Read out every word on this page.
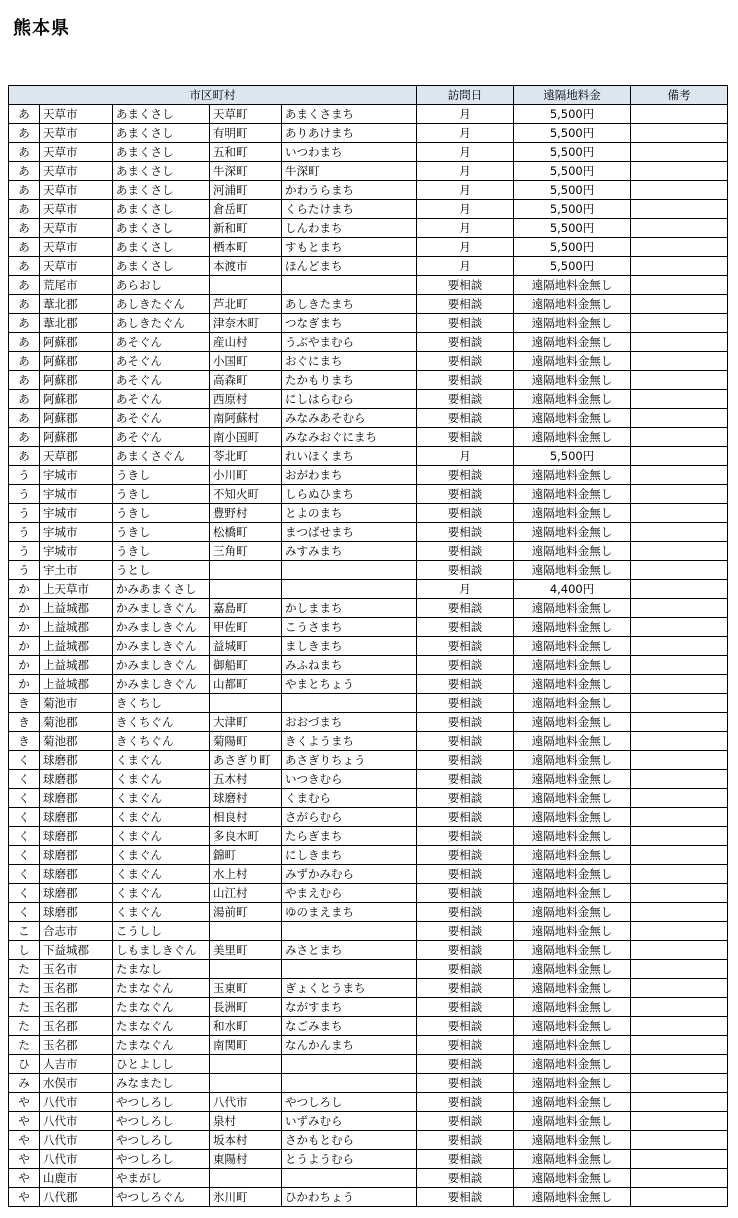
熊本県
市区町村					訪問日	遠隔地料金	備考
あ	天草市	あまくさし	天草町	あまくさまち	月	5,500円	
あ	天草市	あまくさし	有明町	ありあけまち	月	5,500円	
あ	天草市	あまくさし	五和町	いつわまち	月	5,500円	
あ	天草市	あまくさし	牛深町	牛深町	月	5,500円	
あ	天草市	あまくさし	河浦町	かわうらまち	月	5,500円	
あ	天草市	あまくさし	倉岳町	くらたけまち	月	5,500円	
あ	天草市	あまくさし	新和町	しんわまち	月	5,500円	
あ	天草市	あまくさし	栖本町	すもとまち	月	5,500円	
あ	天草市	あまくさし	本渡市	ほんどまち	月	5,500円	
あ	荒尾市	あらおし			要相談	遠隔地料金無し	
あ	葦北郡	あしきたぐん	芦北町	あしきたまち	要相談	遠隔地料金無し	
あ	葦北郡	あしきたぐん	津奈木町	つなぎまち	要相談	遠隔地料金無し	
あ	阿蘇郡	あそぐん	産山村	うぶやまむら	要相談	遠隔地料金無し	
あ	阿蘇郡	あそぐん	小国町	おぐにまち	要相談	遠隔地料金無し	
あ	阿蘇郡	あそぐん	高森町	たかもりまち	要相談	遠隔地料金無し	
あ	阿蘇郡	あそぐん	西原村	にしはらむら	要相談	遠隔地料金無し	
あ	阿蘇郡	あそぐん	南阿蘇村	みなみあそむら	要相談	遠隔地料金無し	
あ	阿蘇郡	あそぐん	南小国町	みなみおぐにまち	要相談	遠隔地料金無し	
あ	天草郡	あまくさぐん	苓北町	れいほくまち	月	5,500円	
う	宇城市	うきし	小川町	おがわまち	要相談	遠隔地料金無し	
う	宇城市	うきし	不知火町	しらぬひまち	要相談	遠隔地料金無し	
う	宇城市	うきし	豊野村	とよのまち	要相談	遠隔地料金無し	
う	宇城市	うきし	松橋町	まつばせまち	要相談	遠隔地料金無し	
う	宇城市	うきし	三角町	みすみまち	要相談	遠隔地料金無し	
う	宇土市	うとし			要相談	遠隔地料金無し	
か	上天草市	かみあまくさし			月	4,400円	
か	上益城郡	かみましきぐん	嘉島町	かしままち	要相談	遠隔地料金無し	
か	上益城郡	かみましきぐん	甲佐町	こうさまち	要相談	遠隔地料金無し	
か	上益城郡	かみましきぐん	益城町	ましきまち	要相談	遠隔地料金無し	
か	上益城郡	かみましきぐん	御船町	みふねまち	要相談	遠隔地料金無し	
か	上益城郡	かみましきぐん	山都町	やまとちょう	要相談	遠隔地料金無し	
き	菊池市	きくちし			要相談	遠隔地料金無し	
き	菊池郡	きくちぐん	大津町	おおづまち	要相談	遠隔地料金無し	
き	菊池郡	きくちぐん	菊陽町	きくようまち	要相談	遠隔地料金無し	
く	球磨郡	くまぐん	あさぎり町	あさぎりちょう	要相談	遠隔地料金無し	
く	球磨郡	くまぐん	五木村	いつきむら	要相談	遠隔地料金無し	
く	球磨郡	くまぐん	球磨村	くまむら	要相談	遠隔地料金無し	
く	球磨郡	くまぐん	相良村	さがらむら	要相談	遠隔地料金無し	
く	球磨郡	くまぐん	多良木町	たらぎまち	要相談	遠隔地料金無し	
く	球磨郡	くまぐん	錦町	にしきまち	要相談	遠隔地料金無し	
く	球磨郡	くまぐん	水上村	みずかみむら	要相談	遠隔地料金無し	
く	球磨郡	くまぐん	山江村	やまえむら	要相談	遠隔地料金無し	
く	球磨郡	くまぐん	湯前町	ゆのまえまち	要相談	遠隔地料金無し	
こ	合志市	こうしし			要相談	遠隔地料金無し	
し	下益城郡	しもましきぐん	美里町	みさとまち	要相談	遠隔地料金無し	
た	玉名市	たまなし			要相談	遠隔地料金無し	
た	玉名郡	たまなぐん	玉東町	ぎょくとうまち	要相談	遠隔地料金無し	
た	玉名郡	たまなぐん	長洲町	ながすまち	要相談	遠隔地料金無し	
た	玉名郡	たまなぐん	和水町	なごみまち	要相談	遠隔地料金無し	
た	玉名郡	たまなぐん	南関町	なんかんまち	要相談	遠隔地料金無し	
ひ	人吉市	ひとよしし			要相談	遠隔地料金無し	
み	水俣市	みなまたし			要相談	遠隔地料金無し	
や	八代市	やつしろし	八代市	やつしろし	要相談	遠隔地料金無し	
や	八代市	やつしろし	泉村	いずみむら	要相談	遠隔地料金無し	
や	八代市	やつしろし	坂本村	さかもとむら	要相談	遠隔地料金無し	
や	八代市	やつしろし	東陽村	とうようむら	要相談	遠隔地料金無し	
や	山鹿市	やまがし			要相談	遠隔地料金無し	
や	八代郡	やつしろぐん	氷川町	ひかわちょう	要相談	遠隔地料金無し	
